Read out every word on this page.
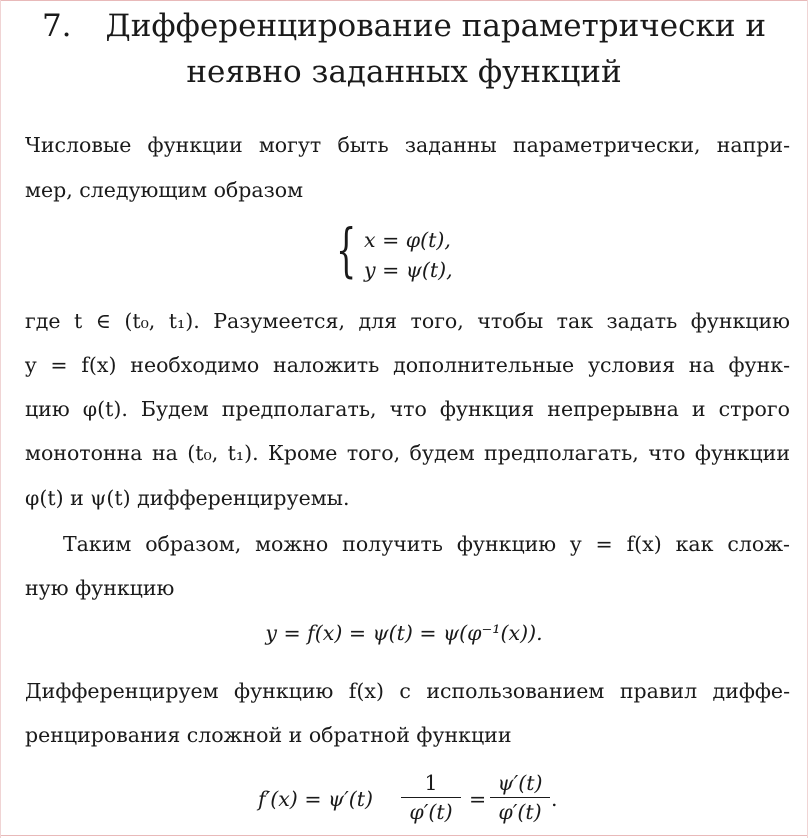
7. Дифференцирование параметрически и
неявно заданных функций
Числовые функции могут быть заданны параметрически, напри-
мер, следующим образом
{ x = φ(t),
y = ψ(t),
где t ∈ (t₀, t₁). Разумеется, для того, чтобы так задать функцию
y = f(x) необходимо наложить дополнительные условия на функ-
цию φ(t). Будем предполагать, что функция непрерывна и строго
монотонна на (t₀, t₁). Кроме того, будем предполагать, что функции
φ(t) и ψ(t) дифференцируемы.
Таким образом, можно получить функцию y = f(x) как слож-
ную функцию
y = f(x) = ψ(t) = ψ(φ⁻¹(x)).
Дифференцируем функцию f(x) с использованием правил диффе-
ренцирования сложной и обратной функции
f′(x) = ψ′(t)
1
φ′(t)
=
ψ′(t)
φ′(t)
.
